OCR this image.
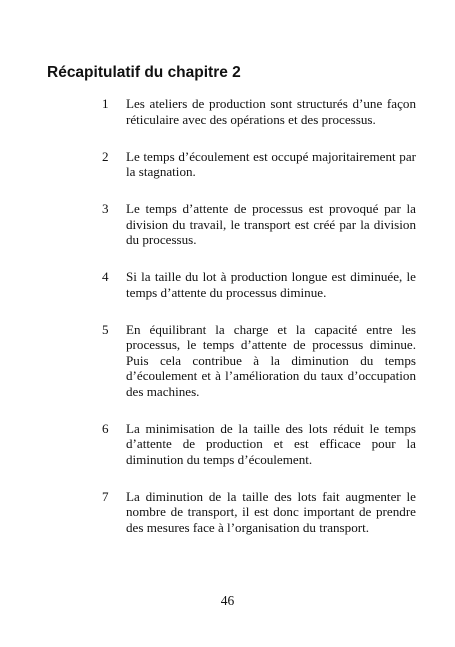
Récapitulatif du chapitre 2
1 Les ateliers de production sont structurés d’une façon réticulaire avec des opérations et des processus.
2 Le temps d’écoulement est occupé majoritairement par la stagnation.
3 Le temps d’attente de processus est provoqué par la division du travail, le transport est créé par la division du processus.
4 Si la taille du lot à production longue est diminuée, le temps d’attente du processus diminue.
5 En équilibrant la charge et la capacité entre les processus, le temps d’attente de processus diminue. Puis cela contribue à la diminution du temps d’écoulement et à l’amélioration du taux d’occupation des machines.
6 La minimisation de la taille des lots réduit le temps d’attente de production et est efficace pour la diminution du temps d’écoulement.
7 La diminution de la taille des lots fait augmenter le nombre de transport, il est donc important de prendre des mesures face à l’organisation du transport.
46
